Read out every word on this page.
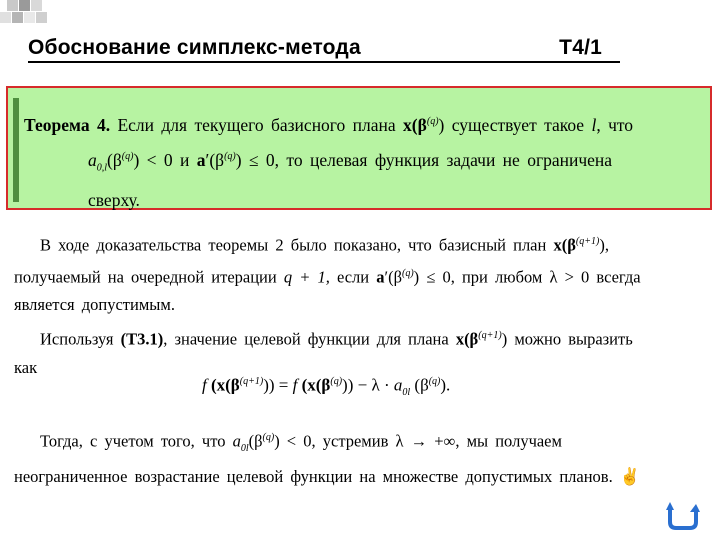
Обоснование симплекс-метода	T4/1
Теорема 4. Если для текущего базисного плана $x(\beta^{(q)})$ существует такое l, что
$a_{0,l}(\beta^{(q)}) < 0$ и $a'(\beta^{(q)}) \le 0$, то целевая функция задачи не ограничена
сверху.
В ходе доказательства теоремы 2 было показано, что базисный план $x(\beta^{(q+1)})$,
получаемый на очередной итерации q + 1, если $a'(\beta^{(q)}) \le 0$, при любом λ > 0 всегда
является допустимым.
Используя (T3.1), значение целевой функции для плана $x(\beta^{(q+1)})$ можно выразить
как
f $(x(\beta^{(q+1)})) = f$ $(x(\beta^{(q)})) - \lambda \cdot a_{0l}$ $(\beta^{(q)})$.
Тогда, с учетом того, что $a_{0l}(\beta^{(q)}) < 0$, устремив λ → +∞, мы получаем
неограниченное возрастание целевой функции на множестве допустимых планов. ✌
